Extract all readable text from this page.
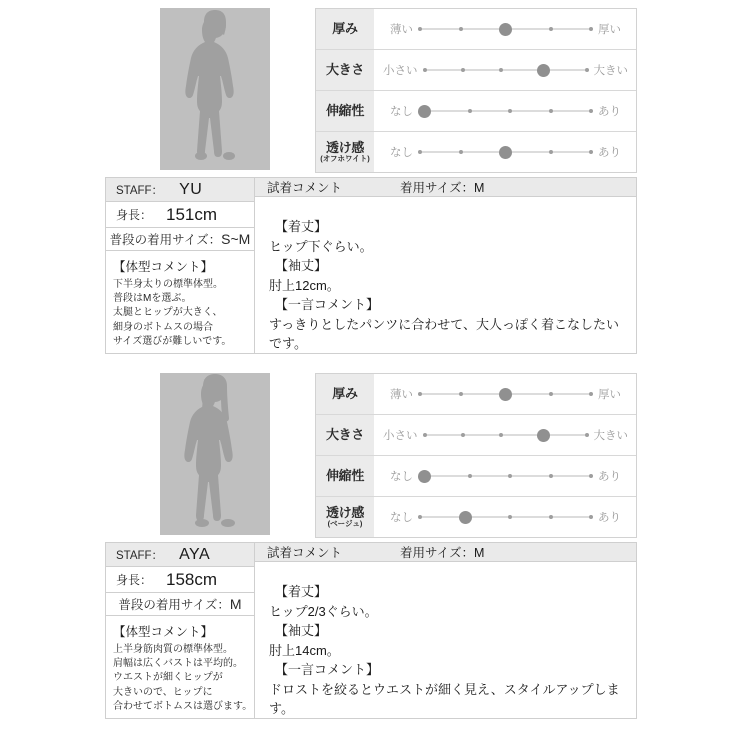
厚み	薄い	厚い
大きさ 小さい	大きい
伸縮性	なし	あり
透け感
(オフホワイト)	なし	あり
STAFF： YU
身長： 151cm
普段の着用サイズ： S~M
【体型コメント】
下半身太りの標準体型。
普段はMを選ぶ。
太腿とヒップが大きく、
細身のボトムスの場合
サイズ選びが難しいです。
試着コメント	着用サイズ：M
【着丈】
ヒップ下ぐらい。
【袖丈】
肘上12cm。
【一言コメント】
すっきりとしたパンツに合わせて、大人っぽく着こなしたいです。
厚み	薄い	厚い
大きさ 小さい	大きい
伸縮性	なし	あり
透け感
(ベージュ)	なし	あり
STAFF： AYA
身長： 158cm
普段の着用サイズ： M
【体型コメント】
上半身筋肉質の標準体型。
肩幅は広くバストは平均的。
ウエストが細くヒップが
大きいので、ヒップに
合わせてボトムスは選びます。
試着コメント	着用サイズ：M
【着丈】
ヒップ2/3ぐらい。
【袖丈】
肘上14cm。
【一言コメント】
ドロストを絞るとウエストが細く見え、スタイルアップします。
